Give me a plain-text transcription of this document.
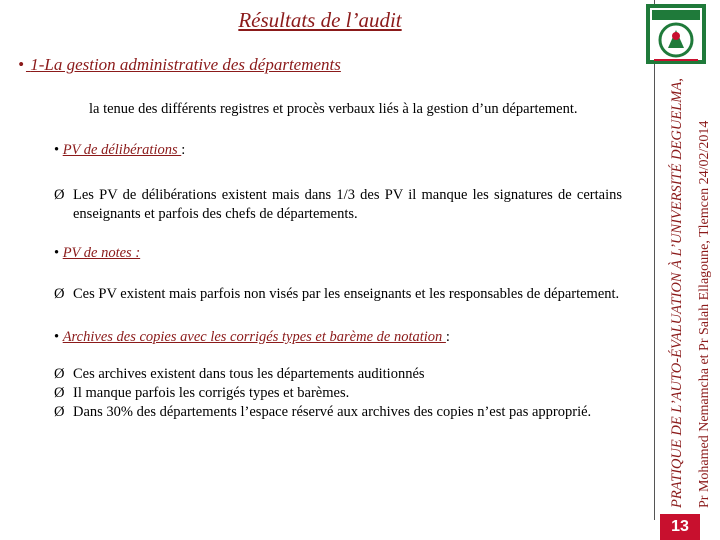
Résultats de l’audit
• 1-La gestion administrative des départements

la tenue des différents registres et procès verbaux liés à la gestion d’un département.

• PV de délibérations :

Ø Les PV de délibérations existent mais dans 1/3 des PV il manque les signatures de certains enseignants et parfois des chefs de départements.

• PV de notes :

Ø Ces PV existent mais parfois non visés par les enseignants et les responsables de département.

• Archives des copies avec les corrigés types et barème de notation :

Ø Ces archives existent dans tous les départements auditionnés
Ø Il manque parfois les corrigés types et barèmes.
Ø Dans 30% des départements l’espace réservé aux archives des copies n’est pas approprié.	PRATIQUE DE L’AUTO-ÉVALUATION À L’UNIVERSITÉ DEGUELMA, Pr Mohamed Nemamcha et Pr Salah Ellagoune, Tlemcen 24/02/2014
13
